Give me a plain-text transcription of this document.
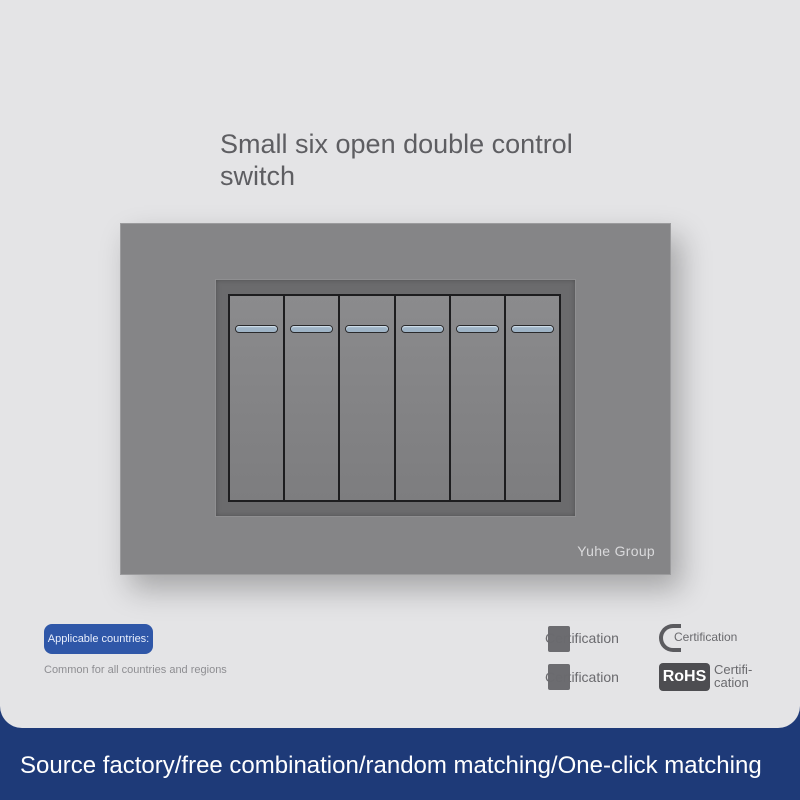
Small six open double control switch
Yuhe Group
Applicable countries:
Common for all countries and regions
Certification
Certification
Certification
RoHS Certifi-
cation
Source factory/free combination/random matching/One-click matching
